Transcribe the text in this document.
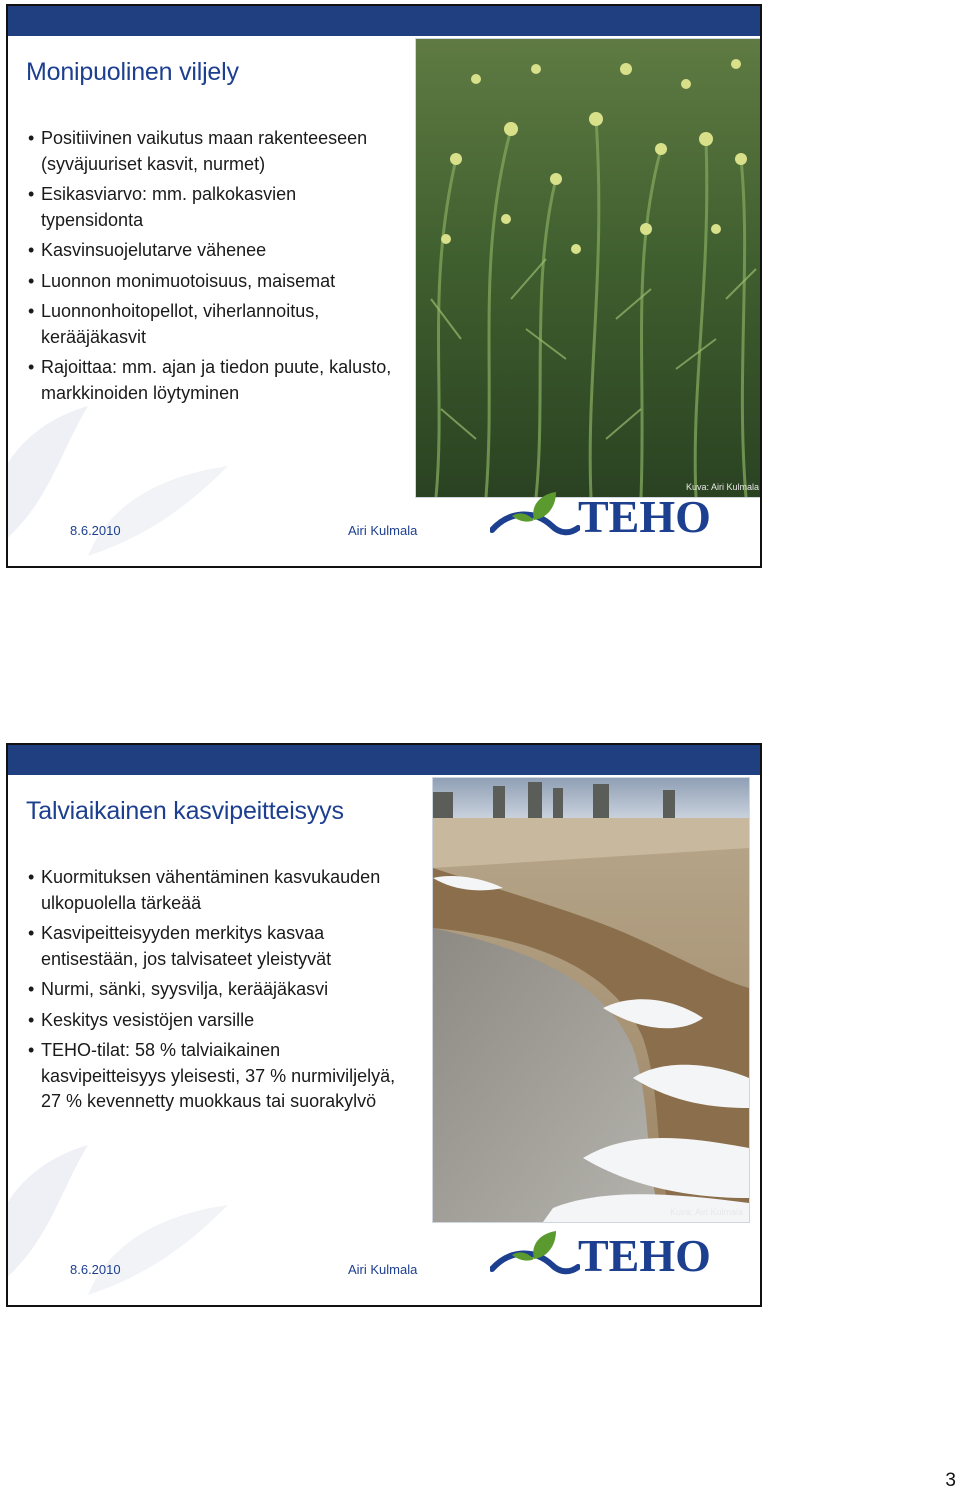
Monipuolinen viljely
• Positiivinen vaikutus maan rakenteeseen (syväjuuriset kasvit, nurmet)
• Esikasviarvo: mm. palkokasvien typensidonta
• Kasvinsuojelutarve vähenee
• Luonnon monimuotoisuus, maisemat
• Luonnonhoitopellot, viherlannoitus, kerääjäkasvit
• Rajoittaa: mm. ajan ja tiedon puute, kalusto, markkinoiden löytyminen
Kuva: Airi Kulmala
8.6.2010	Airi Kulmala	TEHO
Talviaikainen kasvipeitteisyys
• Kuormituksen vähentäminen kasvukauden ulkopuolella tärkeää
• Kasvipeitteisyyden merkitys kasvaa entisestään, jos talvisateet yleistyvät
• Nurmi, sänki, syysvilja, kerääjäkasvi
• Keskitys vesistöjen varsille
• TEHO-tilat: 58 % talviaikainen kasvipeitteisyys yleisesti, 37 % nurmiviljelyä, 27 % kevennetty muokkaus tai suorakylvö
Kuva: Airi Kulmala
8.6.2010	Airi Kulmala	TEHO
3
